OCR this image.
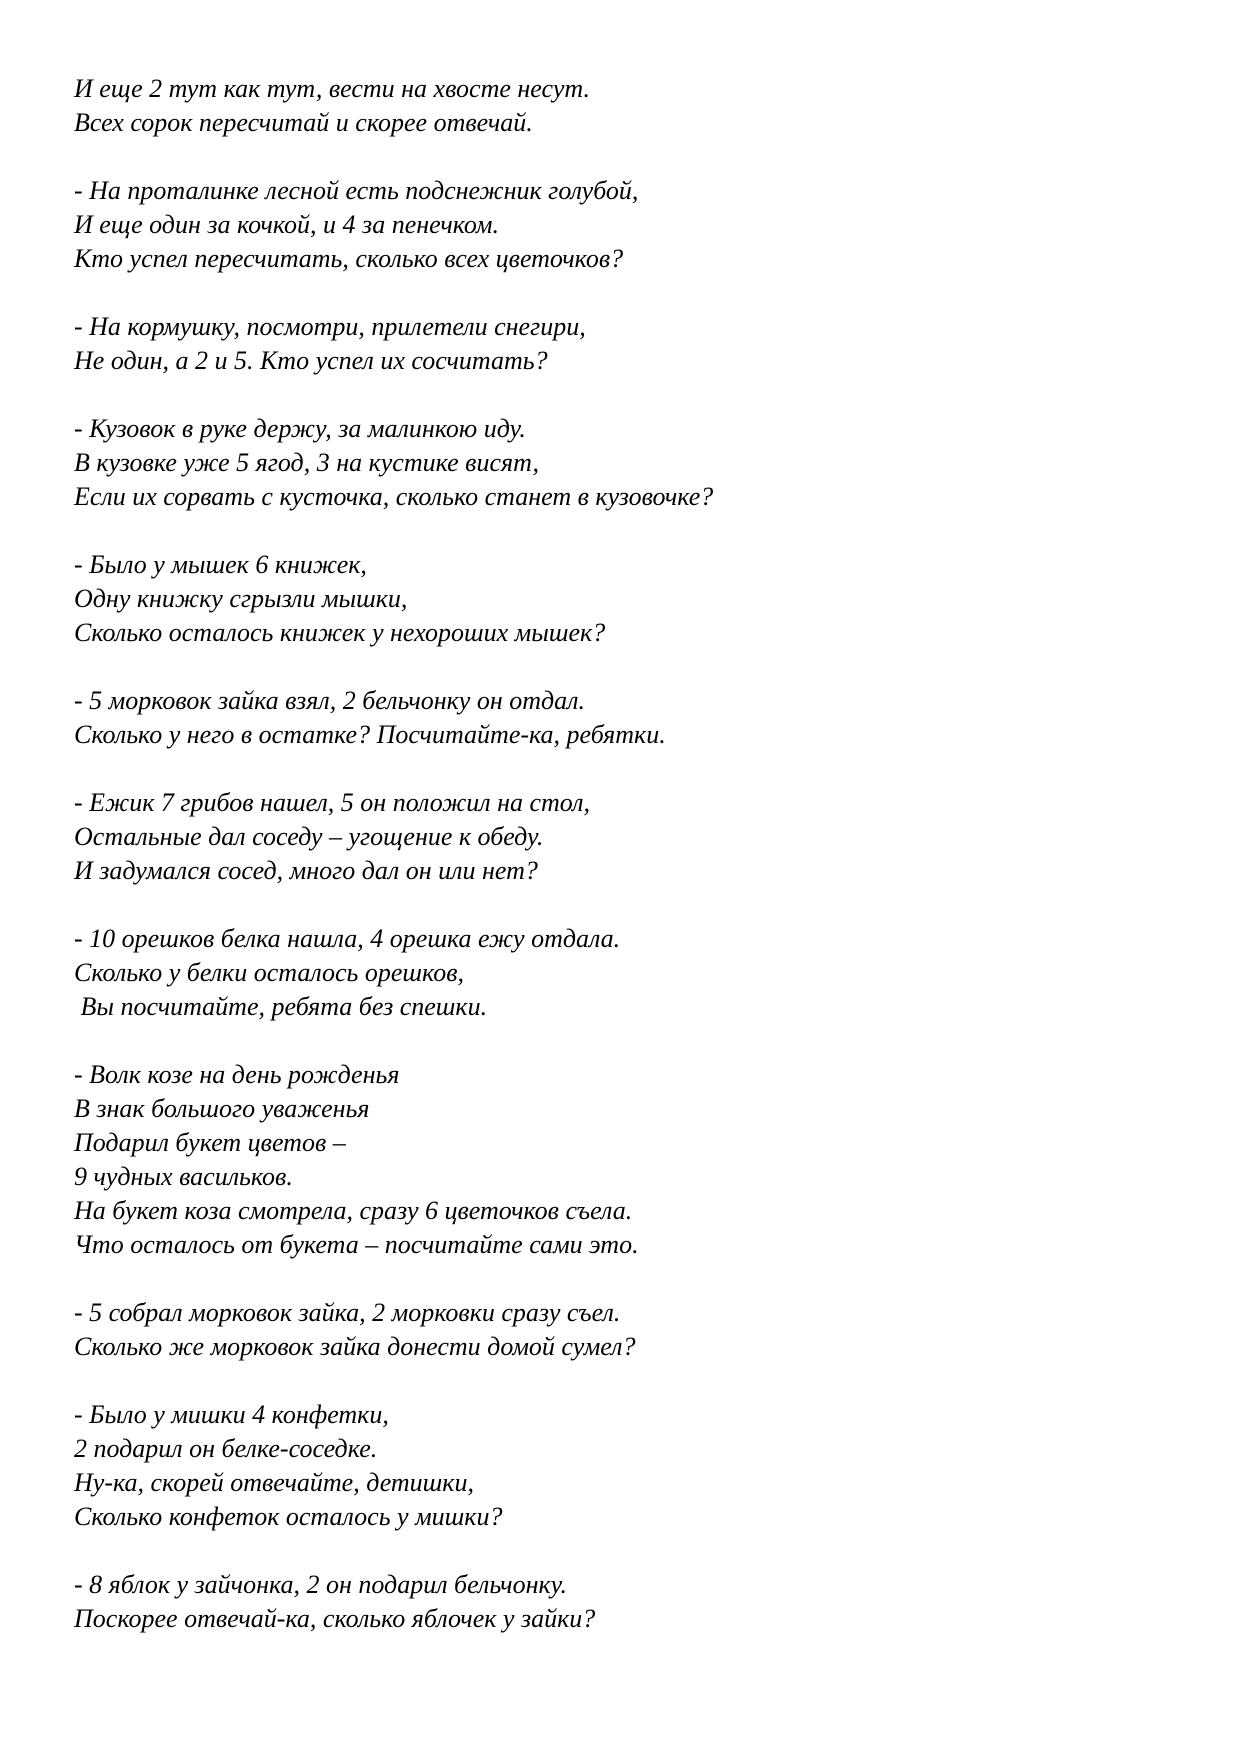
И еще 2 тут как тут, вести на хвосте несут.
Всех сорок пересчитай и скорее отвечай.
- На проталинке лесной есть подснежник голубой,
И еще один за кочкой, и 4 за пенечком.
Кто успел пересчитать, сколько всех цветочков?
- На кормушку, посмотри, прилетели снегири,
Не один, а 2 и 5. Кто успел их сосчитать?
- Кузовок в руке держу, за малинкою иду.
В кузовке уже 5 ягод, 3 на кустике висят,
Если их сорвать с кусточка, сколько станет в кузовочке?
- Было у мышек 6 книжек,
Одну книжку сгрызли мышки,
Сколько осталось книжек у нехороших мышек?
- 5 морковок зайка взял, 2 бельчонку он отдал.
Сколько у него в остатке? Посчитайте-ка, ребятки.
- Ежик 7 грибов нашел, 5 он положил на стол,
Остальные дал соседу – угощение к обеду.
И задумался сосед, много дал он или нет?
- 10 орешков белка нашла, 4 орешка ежу отдала.
Сколько у белки осталось орешков,
Вы посчитайте, ребята без спешки.
- Волк козе на день рожденья
В знак большого уваженья
Подарил букет цветов –
9 чудных васильков.
На букет коза смотрела, сразу 6 цветочков съела.
Что осталось от букета – посчитайте сами это.
- 5 собрал морковок зайка, 2 морковки сразу съел.
Сколько же морковок зайка донести домой сумел?
- Было у мишки 4 конфетки,
2 подарил он белке-соседке.
Ну-ка, скорей отвечайте, детишки,
Сколько конфеток осталось у мишки?
- 8 яблок у зайчонка, 2 он подарил бельчонку.
Поскорее отвечай-ка, сколько яблочек у зайки?
